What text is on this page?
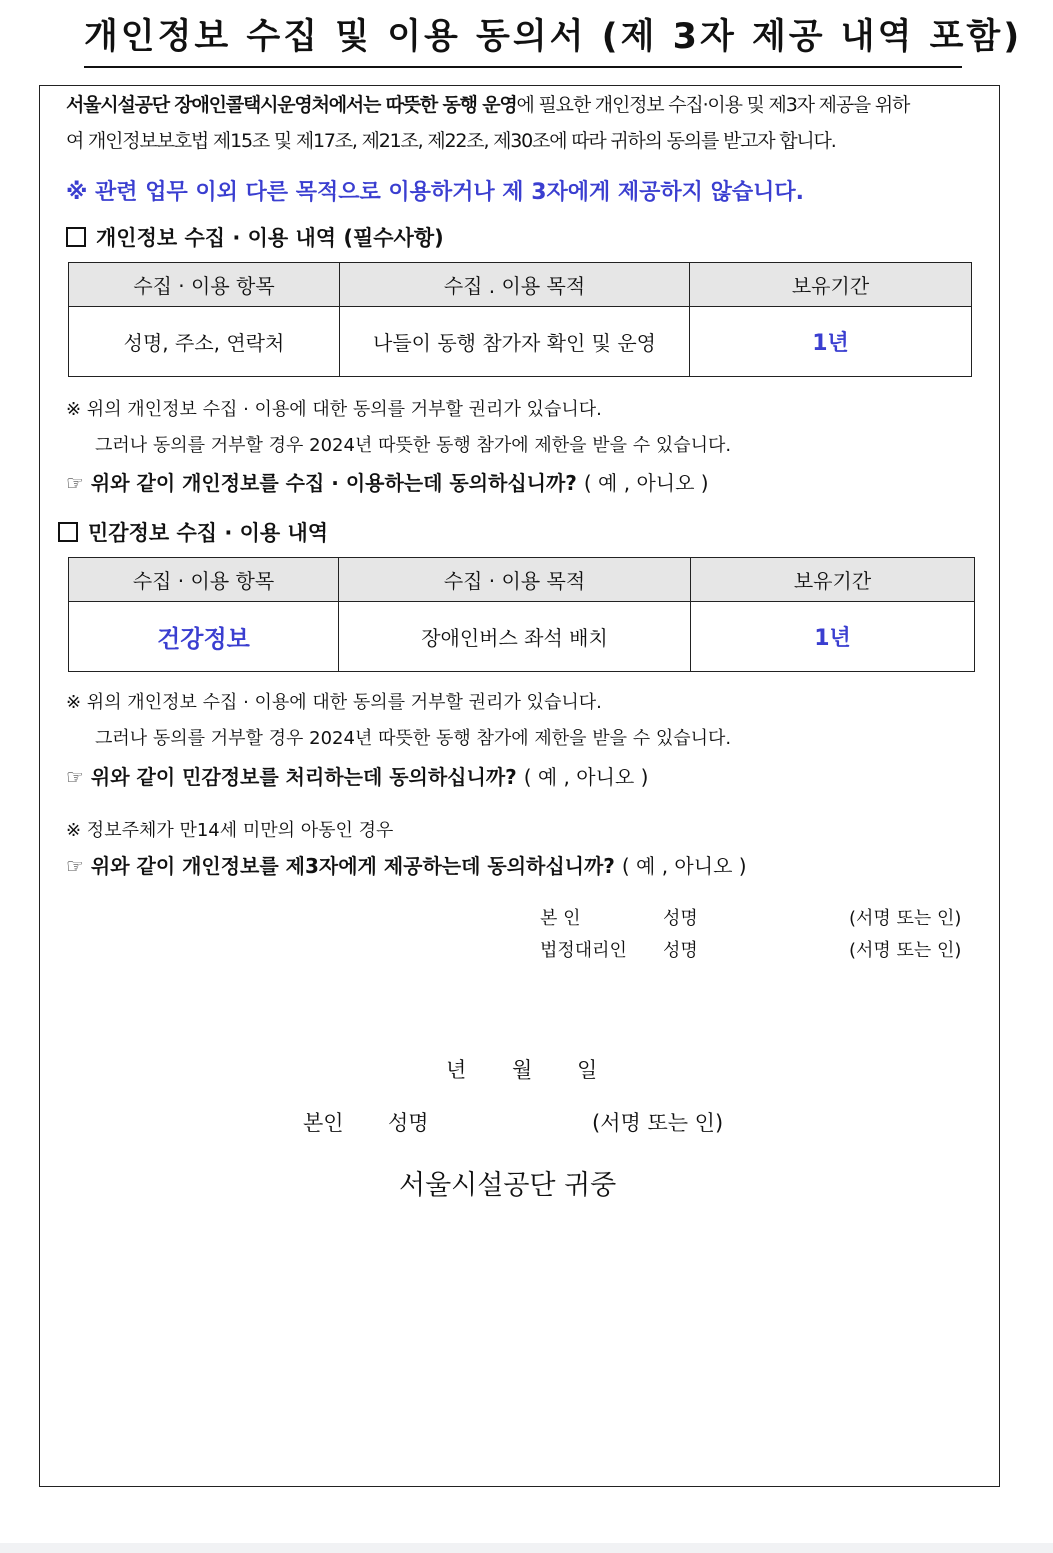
개인정보 수집 및 이용 동의서 (제 3자 제공 내역 포함)
서울시설공단 장애인콜택시운영처에서는 따뜻한 동행 운영에 필요한 개인정보 수집·이용 및 제3자 제공을 위하
여 개인정보보호법 제15조 및 제17조, 제21조, 제22조, 제30조에 따라 귀하의 동의를 받고자 합니다.
※ 관련 업무 이외 다른 목적으로 이용하거나 제 3자에게 제공하지 않습니다.
개인정보 수집 · 이용 내역 (필수사항)
수집 · 이용 항목	수집 . 이용 목적	보유기간
성명, 주소, 연락처	나들이 동행 참가자 확인 및 운영	1년
※ 위의 개인정보 수집 · 이용에 대한 동의를 거부할 권리가 있습니다.
그러나 동의를 거부할 경우 2024년 따뜻한 동행 참가에 제한을 받을 수 있습니다.
☞ 위와 같이 개인정보를 수집 · 이용하는데 동의하십니까? ( 예 , 아니오 )
민감정보 수집 · 이용 내역
수집 · 이용 항목	수집 · 이용 목적	보유기간
건강정보	장애인버스 좌석 배치	1년
※ 위의 개인정보 수집 · 이용에 대한 동의를 거부할 권리가 있습니다.
그러나 동의를 거부할 경우 2024년 따뜻한 동행 참가에 제한을 받을 수 있습니다.
☞ 위와 같이 민감정보를 처리하는데 동의하십니까? ( 예 , 아니오 )
※ 정보주체가 만14세 미만의 아동인 경우
☞ 위와 같이 개인정보를 제3자에게 제공하는데 동의하십니까? ( 예 , 아니오 )
본 인	성명	(서명 또는 인)
법정대리인 성명	(서명 또는 인)
년 월 일
본인 성명	(서명 또는 인)
서울시설공단 귀중
